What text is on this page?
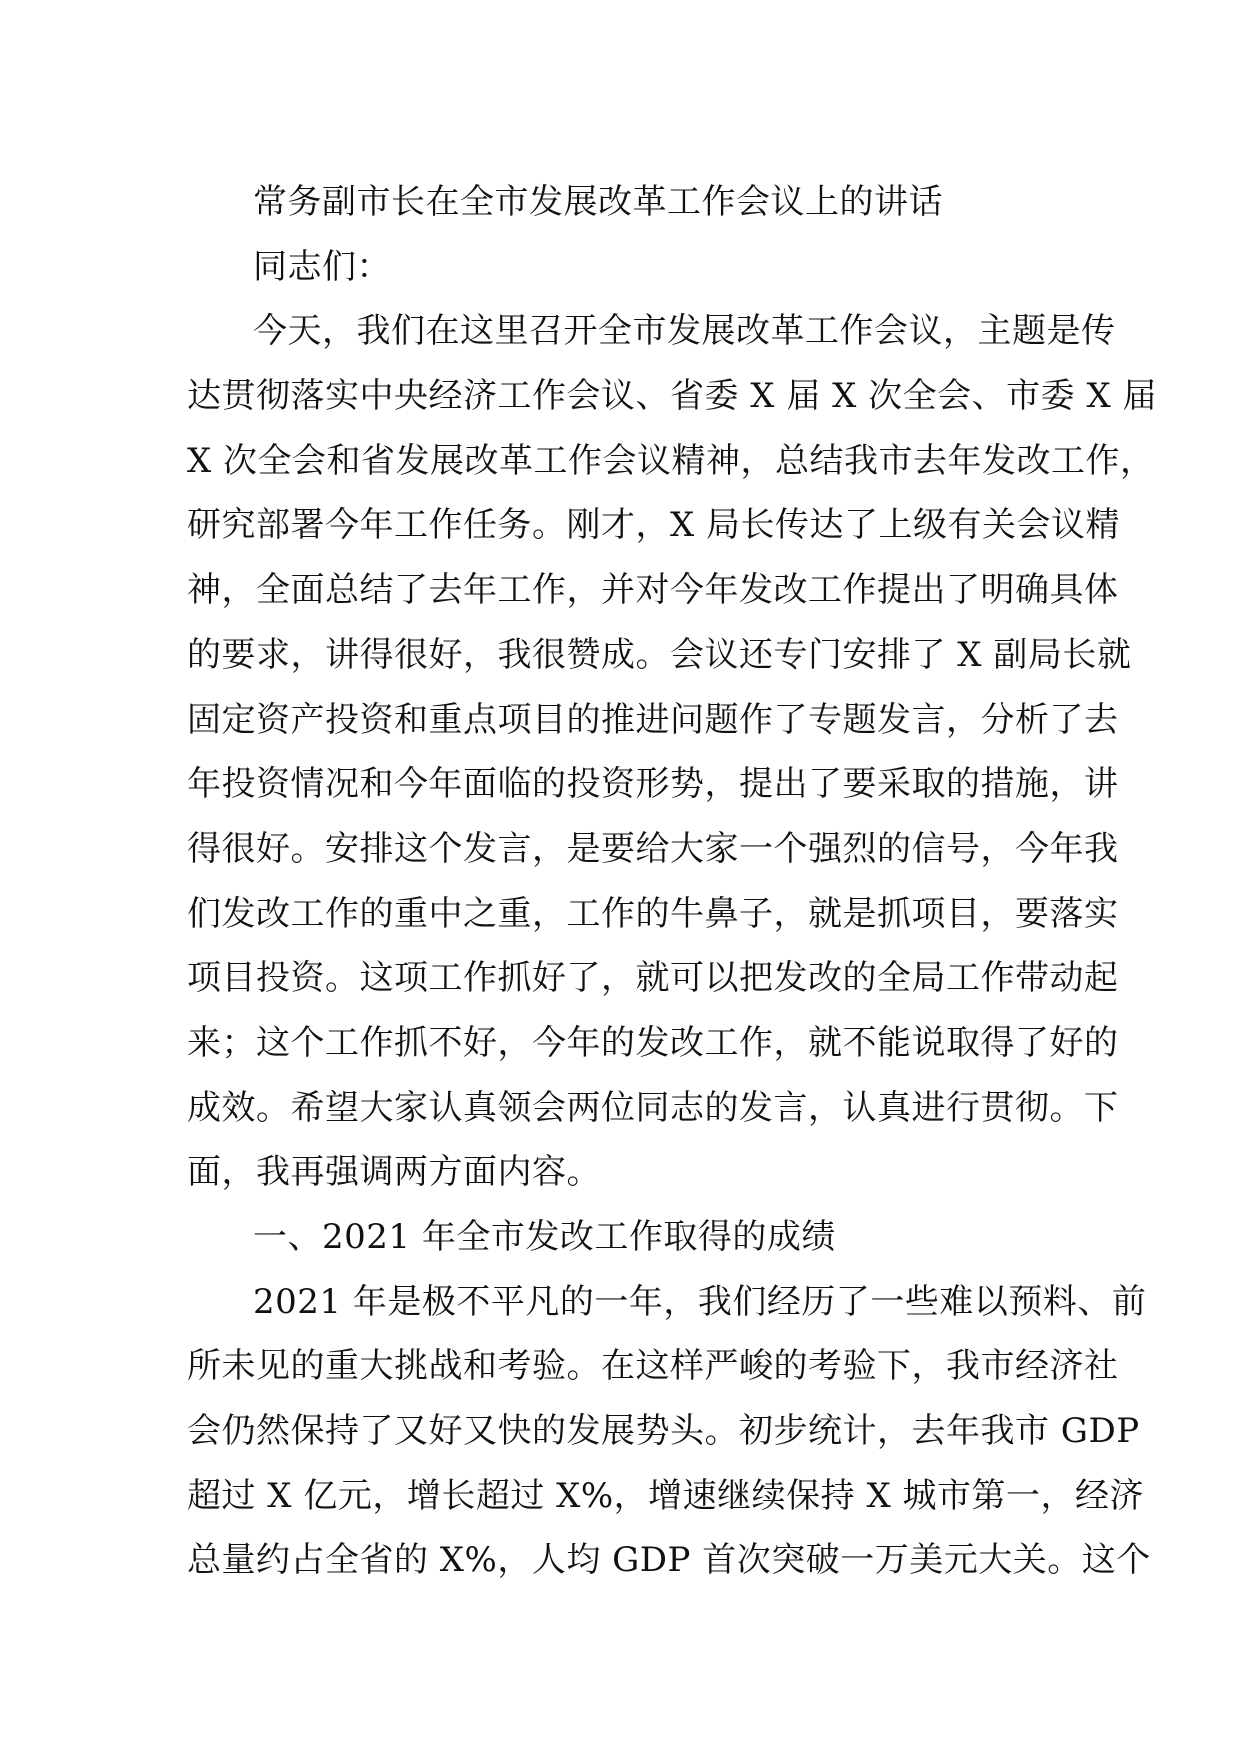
常务副市长在全市发展改革工作会议上的讲话
同志们：
今天，我们在这里召开全市发展改革工作会议，主题是传
达贯彻落实中央经济工作会议、省委 X 届 X 次全会、市委 X 届
X 次全会和省发展改革工作会议精神，总结我市去年发改工作，
研究部署今年工作任务。刚才，X 局长传达了上级有关会议精
神，全面总结了去年工作，并对今年发改工作提出了明确具体
的要求，讲得很好，我很赞成。会议还专门安排了 X 副局长就
固定资产投资和重点项目的推进问题作了专题发言，分析了去
年投资情况和今年面临的投资形势，提出了要采取的措施，讲
得很好。安排这个发言，是要给大家一个强烈的信号，今年我
们发改工作的重中之重，工作的牛鼻子，就是抓项目，要落实
项目投资。这项工作抓好了，就可以把发改的全局工作带动起
来；这个工作抓不好，今年的发改工作，就不能说取得了好的
成效。希望大家认真领会两位同志的发言，认真进行贯彻。下
面，我再强调两方面内容。
一、2021 年全市发改工作取得的成绩
2021 年是极不平凡的一年，我们经历了一些难以预料、前
所未见的重大挑战和考验。在这样严峻的考验下，我市经济社
会仍然保持了又好又快的发展势头。初步统计，去年我市 GDP
超过 X 亿元，增长超过 X%，增速继续保持 X 城市第一，经济
总量约占全省的 X%，人均 GDP 首次突破一万美元大关。这个
